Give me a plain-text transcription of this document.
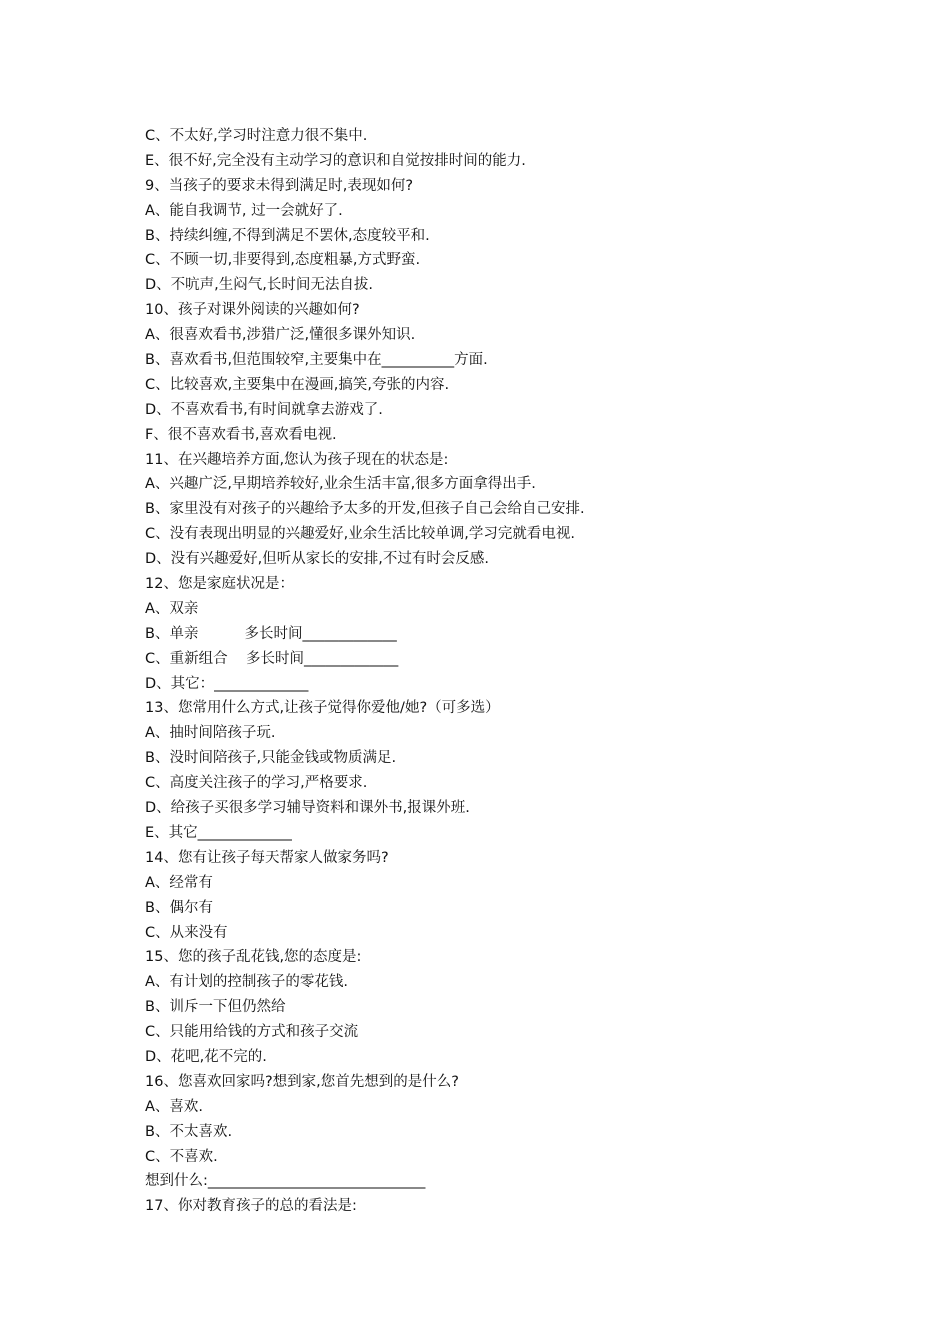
C、不太好,学习时注意力很不集中.
E、很不好,完全没有主动学习的意识和自觉按排时间的能力.
9、当孩子的要求未得到满足时,表现如何?
A、能自我调节, 过一会就好了.
B、持续纠缠,不得到满足不罢休,态度较平和.
C、不顾一切,非要得到,态度粗暴,方式野蛮.
D、不吭声,生闷气,长时间无法自拔.
10、孩子对课外阅读的兴趣如何?
A、很喜欢看书,涉猎广泛,懂很多课外知识.
B、喜欢看书,但范围较窄,主要集中在__________方面.
C、比较喜欢,主要集中在漫画,搞笑,夸张的内容.
D、不喜欢看书,有时间就拿去游戏了.
F、很不喜欢看书,喜欢看电视.
11、在兴趣培养方面,您认为孩子现在的状态是:
A、兴趣广泛,早期培养较好,业余生活丰富,很多方面拿得出手.
B、家里没有对孩子的兴趣给予太多的开发,但孩子自己会给自己安排.
C、没有表现出明显的兴趣爱好,业余生活比较单调,学习完就看电视.
D、没有兴趣爱好,但听从家长的安排,不过有时会反感.
12、您是家庭状况是：
A、双亲
B、单亲          多长时间_____________
C、重新组合    多长时间_____________
D、其它：_____________
13、您常用什么方式,让孩子觉得你爱他/她?（可多选）
A、抽时间陪孩子玩.
B、没时间陪孩子,只能金钱或物质满足.
C、高度关注孩子的学习,严格要求.
D、给孩子买很多学习辅导资料和课外书,报课外班.
E、其它_____________
14、您有让孩子每天帮家人做家务吗?
A、经常有
B、偶尔有
C、从来没有
15、您的孩子乱花钱,您的态度是:
A、有计划的控制孩子的零花钱.
B、训斥一下但仍然给
C、只能用给钱的方式和孩子交流
D、花吧,花不完的.
16、您喜欢回家吗?想到家,您首先想到的是什么?
A、喜欢.
B、不太喜欢.
C、不喜欢.
想到什么:______________________________
17、你对教育孩子的总的看法是:
